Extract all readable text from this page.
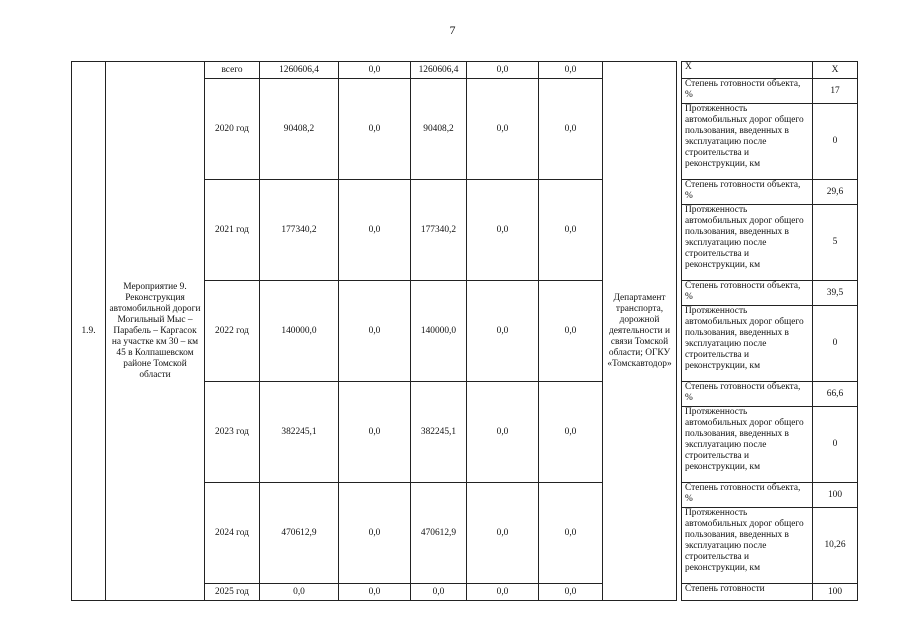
7
1.9.	Мероприятие 9. Реконструкция автомобильной дороги Могильный Мыс – Парабель – Каргасок на участке км 30 – км 45 в Колпашевском районе Томской области	всего	1260606,4	0,0	1260606,4	0,0	0,0	Департамент транспорта, дорожной деятельности и связи Томской области; ОГКУ «Томскавтодор»		Х	Х
		2020 год	90408,2	0,0	90408,2	0,0	0,0			Степень готовности объекта, %	17
										Протяженность автомобильных дорог общего пользования, введенных в эксплуатацию после строительства и реконструкции, км	0
		2021 год	177340,2	0,0	177340,2	0,0	0,0			Степень готовности объекта, %	29,6
										Протяженность автомобильных дорог общего пользования, введенных в эксплуатацию после строительства и реконструкции, км	5
		2022 год	140000,0	0,0	140000,0	0,0	0,0			Степень готовности объекта, %	39,5
										Протяженность автомобильных дорог общего пользования, введенных в эксплуатацию после строительства и реконструкции, км	0
		2023 год	382245,1	0,0	382245,1	0,0	0,0			Степень готовности объекта, %	66,6
										Протяженность автомобильных дорог общего пользования, введенных в эксплуатацию после строительства и реконструкции, км	0
		2024 год	470612,9	0,0	470612,9	0,0	0,0			Степень готовности объекта, %	100
										Протяженность автомобильных дорог общего пользования, введенных в эксплуатацию после строительства и реконструкции, км	10,26
		2025 год	0,0	0,0	0,0	0,0	0,0			Степень готовности	100
